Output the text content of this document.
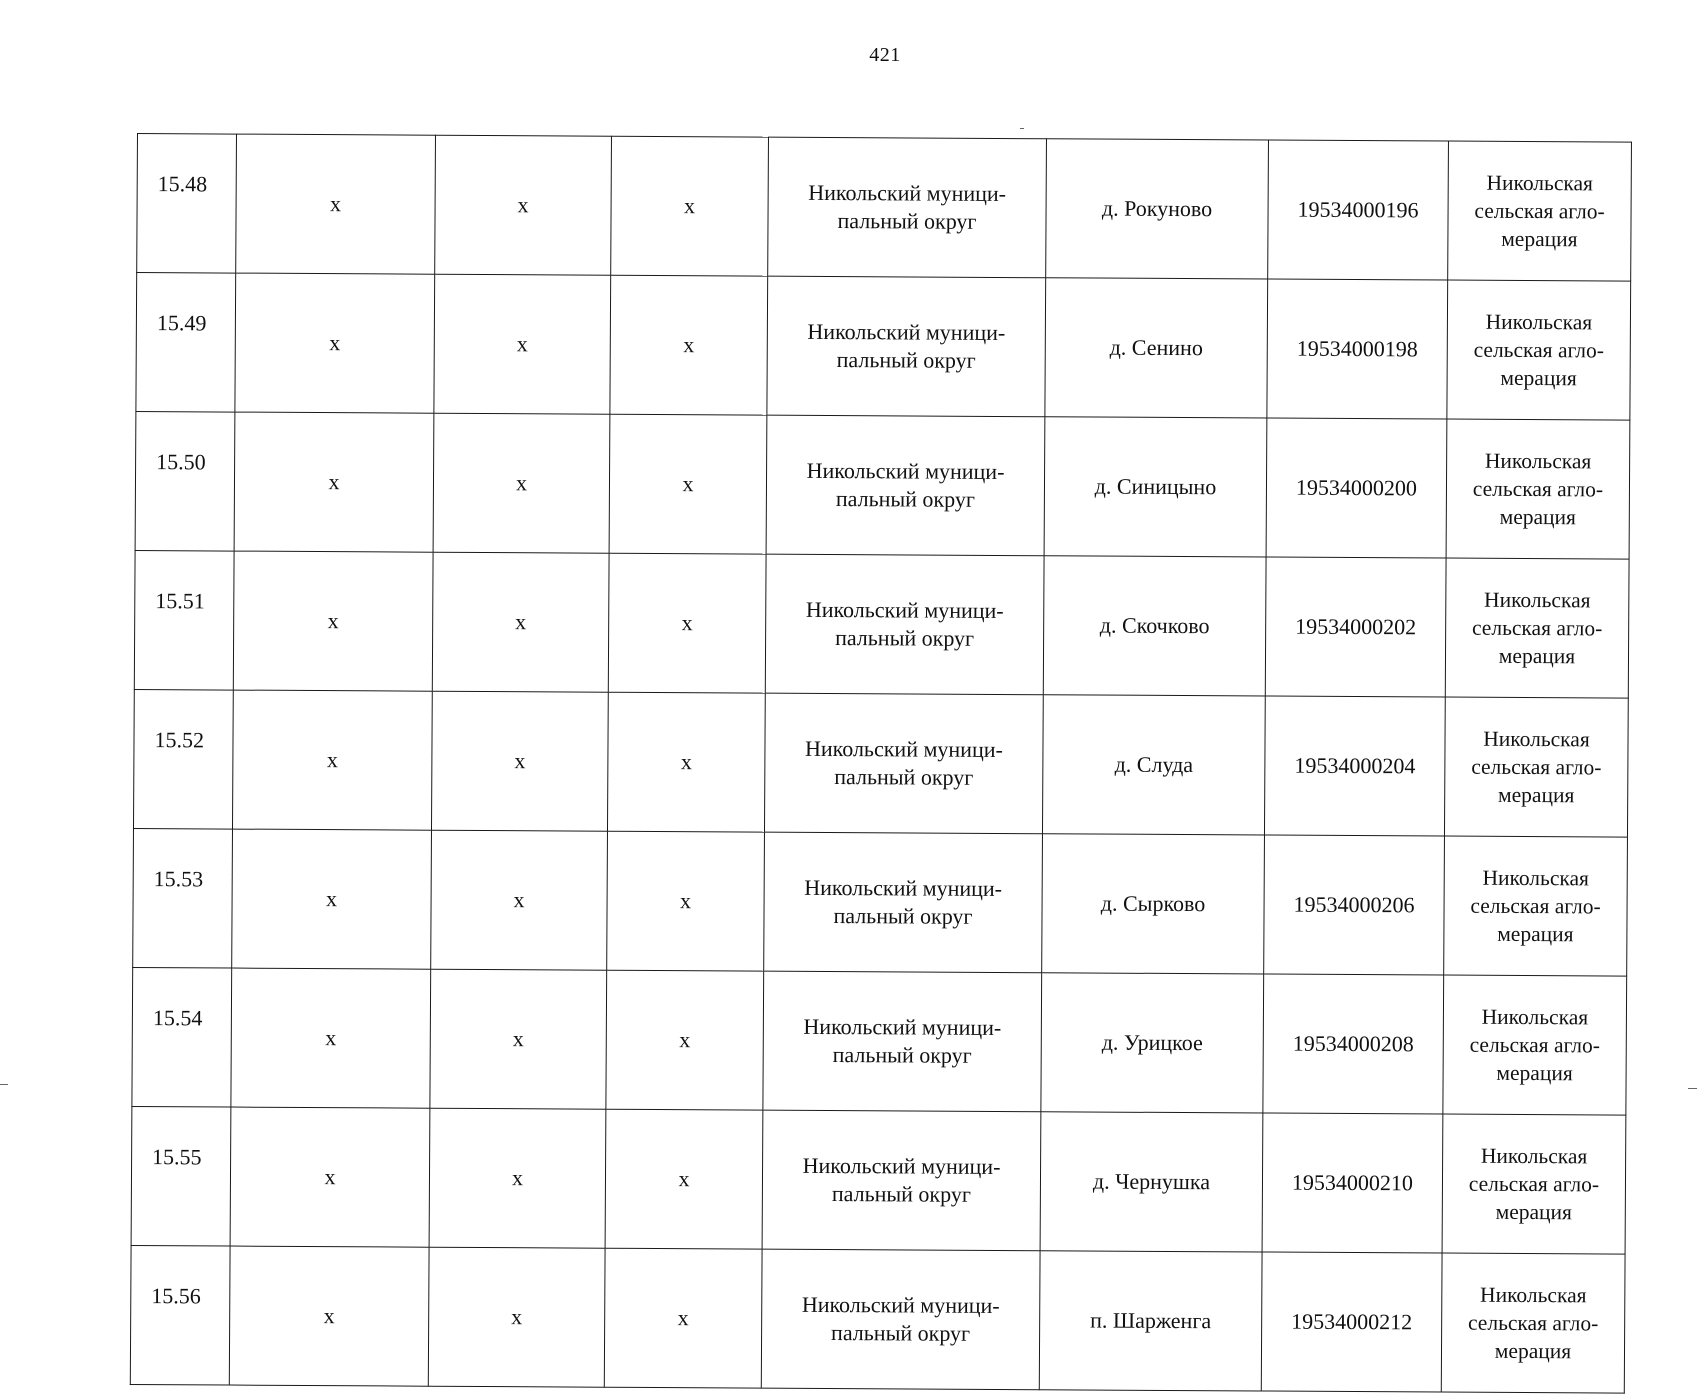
421
15.48	x	x	x	Никольский муници-
пальный округ	д. Рокуново	19534000196	Никольская
сельская агло-
мерация

15.49	x	x	x	Никольский муници-
пальный округ	д. Сенино	19534000198	Никольская
сельская агло-
мерация

15.50	x	x	x	Никольский муници-
пальный округ	д. Синицыно	19534000200	Никольская
сельская агло-
мерация

15.51	x	x	x	Никольский муници-
пальный округ	д. Скочково	19534000202	Никольская
сельская агло-
мерация

15.52	x	x	x	Никольский муници-
пальный округ	д. Слуда	19534000204	Никольская
сельская агло-
мерация

15.53	x	x	x	Никольский муници-
пальный округ	д. Сырково	19534000206	Никольская
сельская агло-
мерация

15.54	x	x	x	Никольский муници-
пальный округ	д. Урицкое	19534000208	Никольская
сельская агло-
мерация

15.55	x	x	x	Никольский муници-
пальный округ	д. Чернушка	19534000210	Никольская
сельская агло-
мерация

15.56	x	x	x	Никольский муници-
пальный округ	п. Шарженга	19534000212	Никольская
сельская агло-
мерация
